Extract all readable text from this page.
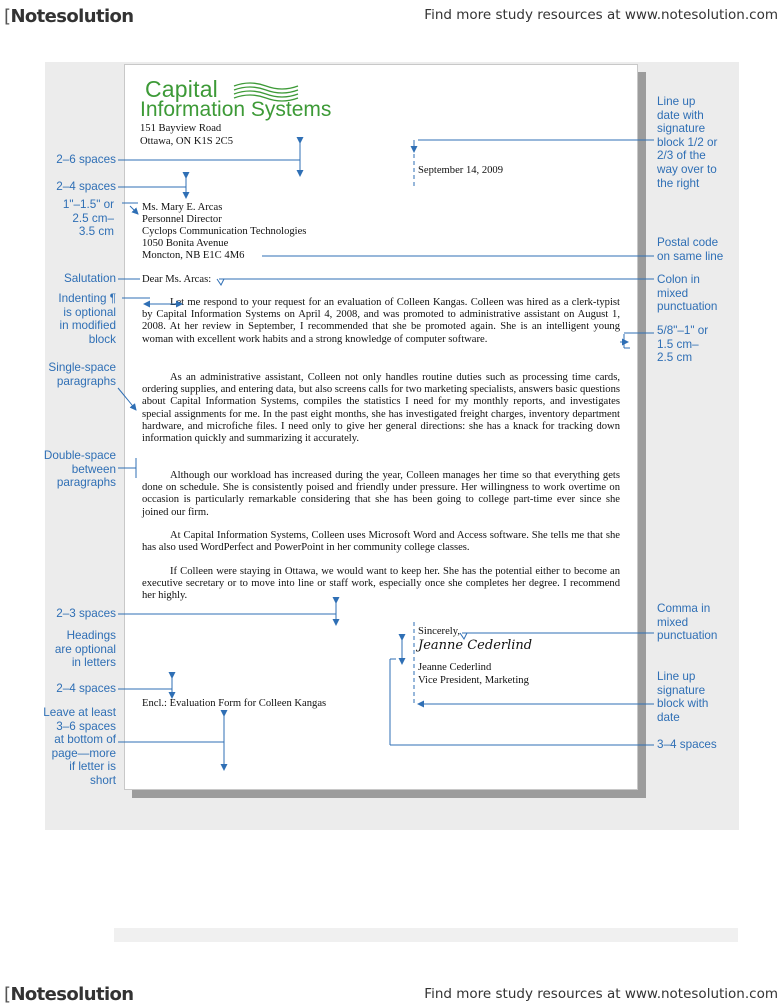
[Notesolution	Find more study resources at www.notesolution.com
Capital
Information Systems
151 Bayview Road
Ottawa, ON K1S 2C5
September 14, 2009
Ms. Mary E. Arcas
Personnel Director
Cyclops Communication Technologies
1050 Bonita Avenue
Moncton, NB E1C 4M6
Dear Ms. Arcas:
Let me respond to your request for an evaluation of Colleen Kangas. Colleen was hired as a clerk-typist by Capital Information Systems on April 4, 2008, and was promoted to administrative assistant on August 1, 2008. At her review in September, I recommended that she be promoted again. She is an intelligent young woman with excellent work habits and a strong knowledge of computer software.
As an administrative assistant, Colleen not only handles routine duties such as processing time cards, ordering supplies, and entering data, but also screens calls for two marketing specialists, answers basic questions about Capital Information Systems, compiles the statistics I need for my monthly reports, and investigates special assignments for me. In the past eight months, she has investigated freight charges, inventory department hardware, and microfiche files. I need only to give her general directions: she has a knack for tracking down information quickly and summarizing it accurately.
Although our workload has increased during the year, Colleen manages her time so that everything gets done on schedule. She is consistently poised and friendly under pressure. Her willingness to work overtime on occasion is particularly remarkable considering that she has been going to college part-time ever since she joined our firm.
At Capital Information Systems, Colleen uses Microsoft Word and Access software. She tells me that she has also used WordPerfect and PowerPoint in her community college classes.
If Colleen were staying in Ottawa, we would want to keep her. She has the potential either to become an executive secretary or to move into line or staff work, especially once she completes her degree. I recommend her highly.
Sincerely,
Jeanne Cederlind
Jeanne Cederlind
Vice President, Marketing
Encl.: Evaluation Form for Colleen Kangas
2–6 spaces
2–4 spaces
1"–1.5" or
2.5 cm–
3.5 cm
Salutation
Indenting ¶
is optional
in modified
block
Single-space
paragraphs
Double-space
between
paragraphs
2–3 spaces
Headings
are optional
in letters
2–4 spaces
Leave at least
3–6 spaces
at bottom of
page—more
if letter is
short
Line up
date with
signature
block 1/2 or
2/3 of the
way over to
the right
Postal code
on same line
Colon in
mixed
punctuation
5/8"–1" or
1.5 cm–
2.5 cm
Comma in
mixed
punctuation
Line up
signature
block with
date
3–4 spaces
[Notesolution	Find more study resources at www.notesolution.com
